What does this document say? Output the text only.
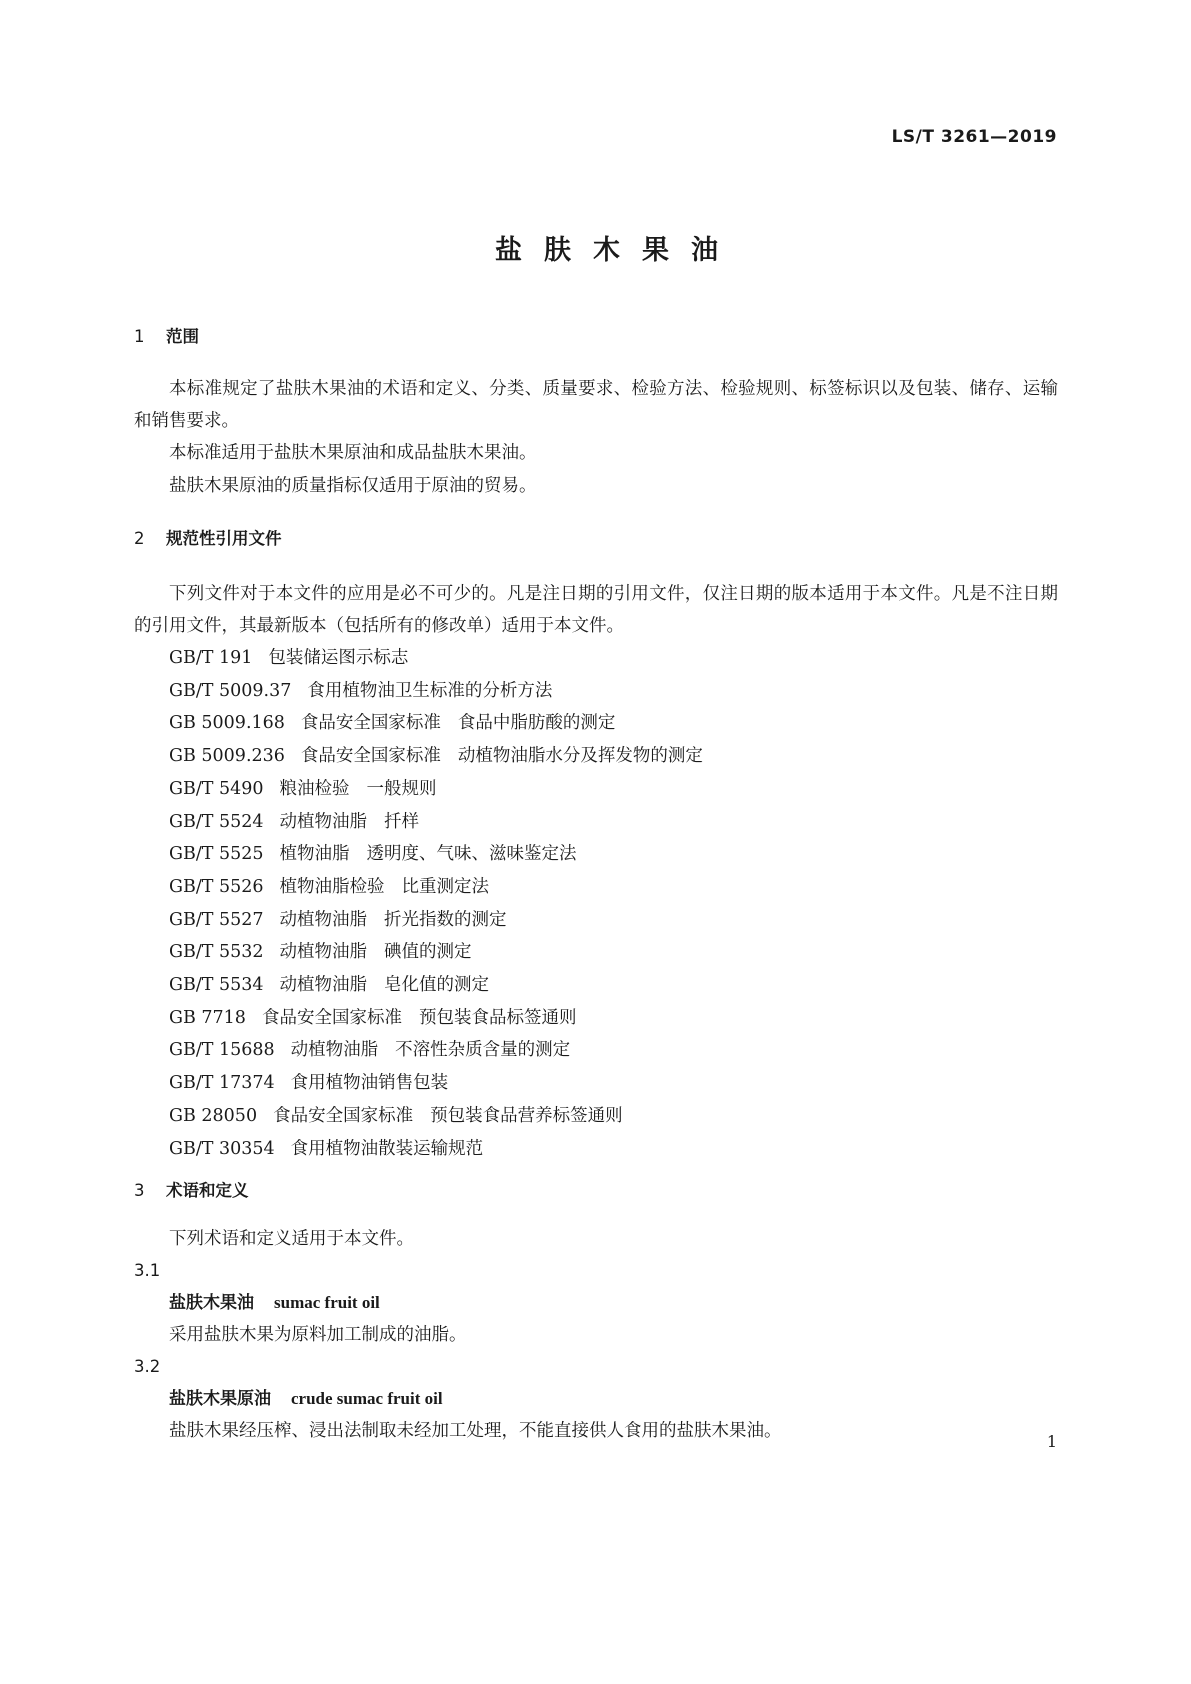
LS/T 3261—2019
盐肤木果油
1 范围

本标准规定了盐肤木果油的术语和定义、分类、质量要求、检验方法、检验规则、标签标识以及包装、储存、运输和销售要求。

本标准适用于盐肤木果原油和成品盐肤木果油。

盐肤木果原油的质量指标仅适用于原油的贸易。

2 规范性引用文件

下列文件对于本文件的应用是必不可少的。凡是注日期的引用文件，仅注日期的版本适用于本文件。凡是不注日期的引用文件，其最新版本（包括所有的修改单）适用于本文件。

GB/T 191 包装储运图示标志
GB/T 5009.37 食用植物油卫生标准的分析方法
GB 5009.168 食品安全国家标准 食品中脂肪酸的测定
GB 5009.236 食品安全国家标准 动植物油脂水分及挥发物的测定
GB/T 5490 粮油检验 一般规则
GB/T 5524 动植物油脂 扦样
GB/T 5525 植物油脂 透明度、气味、滋味鉴定法
GB/T 5526 植物油脂检验 比重测定法
GB/T 5527 动植物油脂 折光指数的测定
GB/T 5532 动植物油脂 碘值的测定
GB/T 5534 动植物油脂 皂化值的测定
GB 7718 食品安全国家标准 预包装食品标签通则
GB/T 15688 动植物油脂 不溶性杂质含量的测定
GB/T 17374 食用植物油销售包装
GB 28050 食品安全国家标准 预包装食品营养标签通则
GB/T 30354 食用植物油散装运输规范
3 术语和定义

下列术语和定义适用于本文件。

3.1
盐肤木果油 sumac fruit oil
采用盐肤木果为原料加工制成的油脂。
3.2
盐肤木果原油 crude sumac fruit oil
盐肤木果经压榨、浸出法制取未经加工处理，不能直接供人食用的盐肤木果油。
1
